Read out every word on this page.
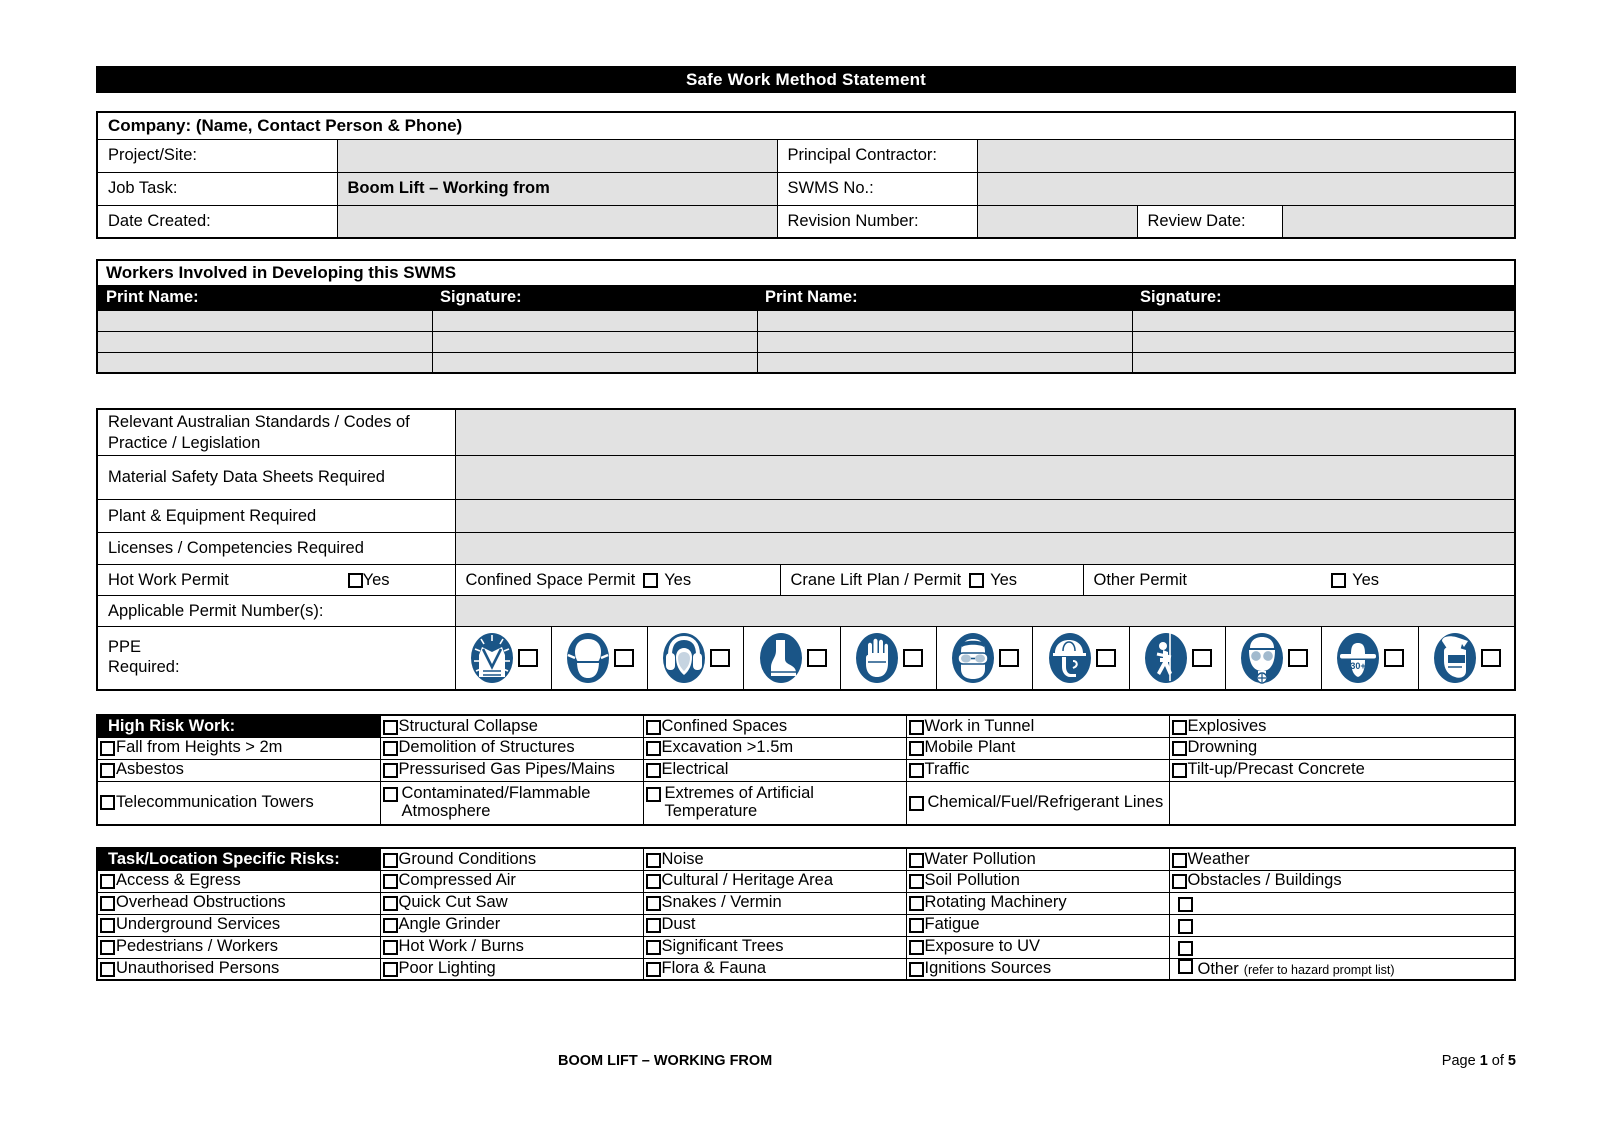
Safe Work Method Statement
Company: (Name, Contact Person & Phone)					
Project/Site:		Principal Contractor:			
Job Task:	Boom Lift – Working from	SWMS No.:			
Date Created:		Revision Number:		Review Date:	
Workers Involved in Developing this SWMS			
Print Name:	Signature:	Print Name:	Signature:

Relevant Australian Standards / Codes of Practice / Legislation			
Material Safety Data Sheets Required			
Plant & Equipment Required			
Licenses / Competencies Required			

Hot Work Permit Yes	Confined Space Permit Yes	Crane Lift Plan / Permit Yes	Other Permit Yes

Applicable Permit Number(s):			

PPE
Required:	30+		
High Risk Work:	Structural Collapse	Confined Spaces	Work in Tunnel	Explosives

Fall from Heights > 2m	Demolition of Structures	Excavation >1.5m	Mobile Plant	Drowning

Asbestos	Pressurised Gas Pipes/Mains	Electrical	Traffic	Tilt-up/Precast Concrete

Telecommunication Towers	Contaminated/Flammable Atmosphere	Extremes of Artificial Temperature	Chemical/Fuel/Refrigerant Lines	

Task/Location Specific Risks:	Ground Conditions	Noise	Water Pollution	Weather

Access & Egress	Compressed Air	Cultural / Heritage Area	Soil Pollution	Obstacles / Buildings

Overhead Obstructions	Quick Cut Saw	Snakes / Vermin	Rotating Machinery	

Underground Services	Angle Grinder	Dust	Fatigue	

Pedestrians / Workers	Hot Work / Burns	Significant Trees	Exposure to UV	

Unauthorised Persons	Poor Lighting	Flora & Fauna	Ignitions Sources	Other (refer to hazard prompt list)
BOOM LIFT – WORKING FROM	Page 1 of 5
